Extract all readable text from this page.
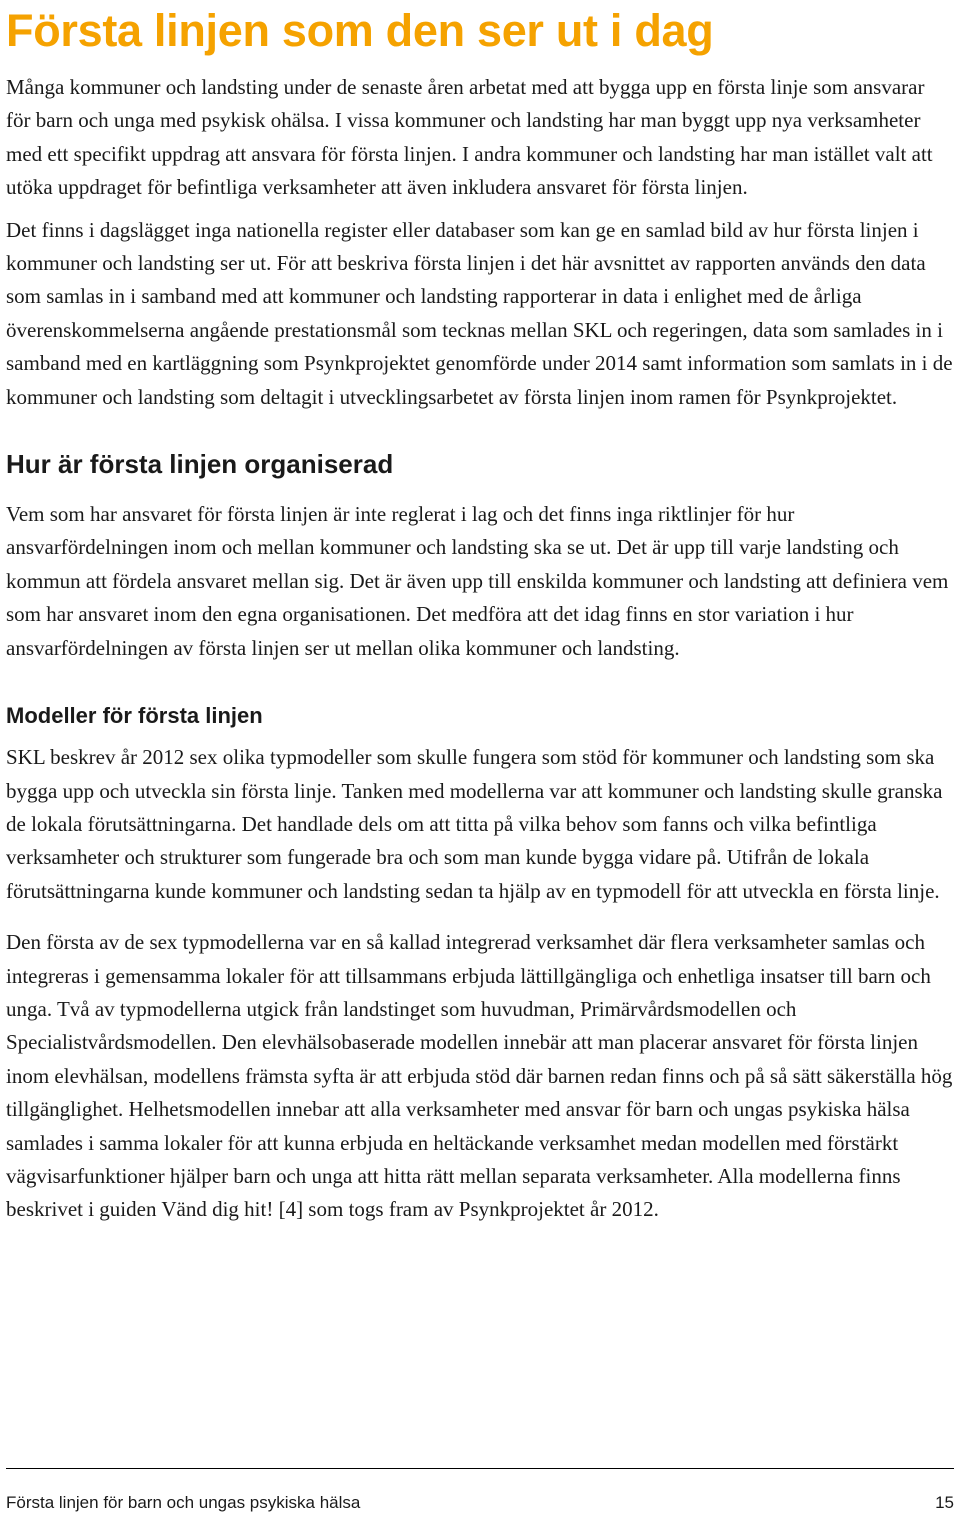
Första linjen som den ser ut i dag

Många kommuner och landsting under de senaste åren arbetat med att bygga upp en första linje som ansvarar för barn och unga med psykisk ohälsa. I vissa kommuner och landsting har man byggt upp nya verksamheter med ett specifikt uppdrag att ansvara för första linjen. I andra kommuner och landsting har man istället valt att utöka uppdraget för befintliga verksamheter att även inkludera ansvaret för första linjen.

Det finns i dagslägget inga nationella register eller databaser som kan ge en samlad bild av hur första linjen i kommuner och landsting ser ut. För att beskriva första linjen i det här avsnittet av rapporten används den data som samlas in i samband med att kommuner och landsting rapporterar in data i enlighet med de årliga överenskommelserna angående prestationsmål som tecknas mellan SKL och regeringen, data som samlades in i samband med en kartläggning som Psynkprojektet genomförde under 2014 samt information som samlats in i de kommuner och landsting som deltagit i utvecklingsarbetet av första linjen inom ramen för Psynkprojektet.

Hur är första linjen organiserad

Vem som har ansvaret för första linjen är inte reglerat i lag och det finns inga riktlinjer för hur ansvarfördelningen inom och mellan kommuner och landsting ska se ut. Det är upp till varje landsting och kommun att fördela ansvaret mellan sig. Det är även upp till enskilda kommuner och landsting att definiera vem som har ansvaret inom den egna organisationen. Det medföra att det idag finns en stor variation i hur ansvarfördelningen av första linjen ser ut mellan olika kommuner och landsting.

Modeller för första linjen

SKL beskrev år 2012 sex olika typmodeller som skulle fungera som stöd för kommuner och landsting som ska bygga upp och utveckla sin första linje. Tanken med modellerna var att kommuner och landsting skulle granska de lokala förutsättningarna. Det handlade dels om att titta på vilka behov som fanns och vilka befintliga verksamheter och strukturer som fungerade bra och som man kunde bygga vidare på. Utifrån de lokala förutsättningarna kunde kommuner och landsting sedan ta hjälp av en typmodell för att utveckla en första linje.

Den första av de sex typmodellerna var en så kallad integrerad verksamhet där flera verksamheter samlas och integreras i gemensamma lokaler för att tillsammans erbjuda lättillgängliga och enhetliga insatser till barn och unga. Två av typmodellerna utgick från landstinget som huvudman, Primärvårdsmodellen och Specialistvårdsmodellen. Den elevhälsobaserade modellen innebär att man placerar ansvaret för första linjen inom elevhälsan, modellens främsta syfta är att erbjuda stöd där barnen redan finns och på så sätt säkerställa hög tillgänglighet. Helhetsmodellen innebar att alla verksamheter med ansvar för barn och ungas psykiska hälsa samlades i samma lokaler för att kunna erbjuda en heltäckande verksamhet medan modellen med förstärkt vägvisarfunktioner hjälper barn och unga att hitta rätt mellan separata verksamheter. Alla modellerna finns beskrivet i guiden Vänd dig hit! [4] som togs fram av Psynkprojektet år 2012.

Första linjen för barn och ungas psykiska hälsa	15
